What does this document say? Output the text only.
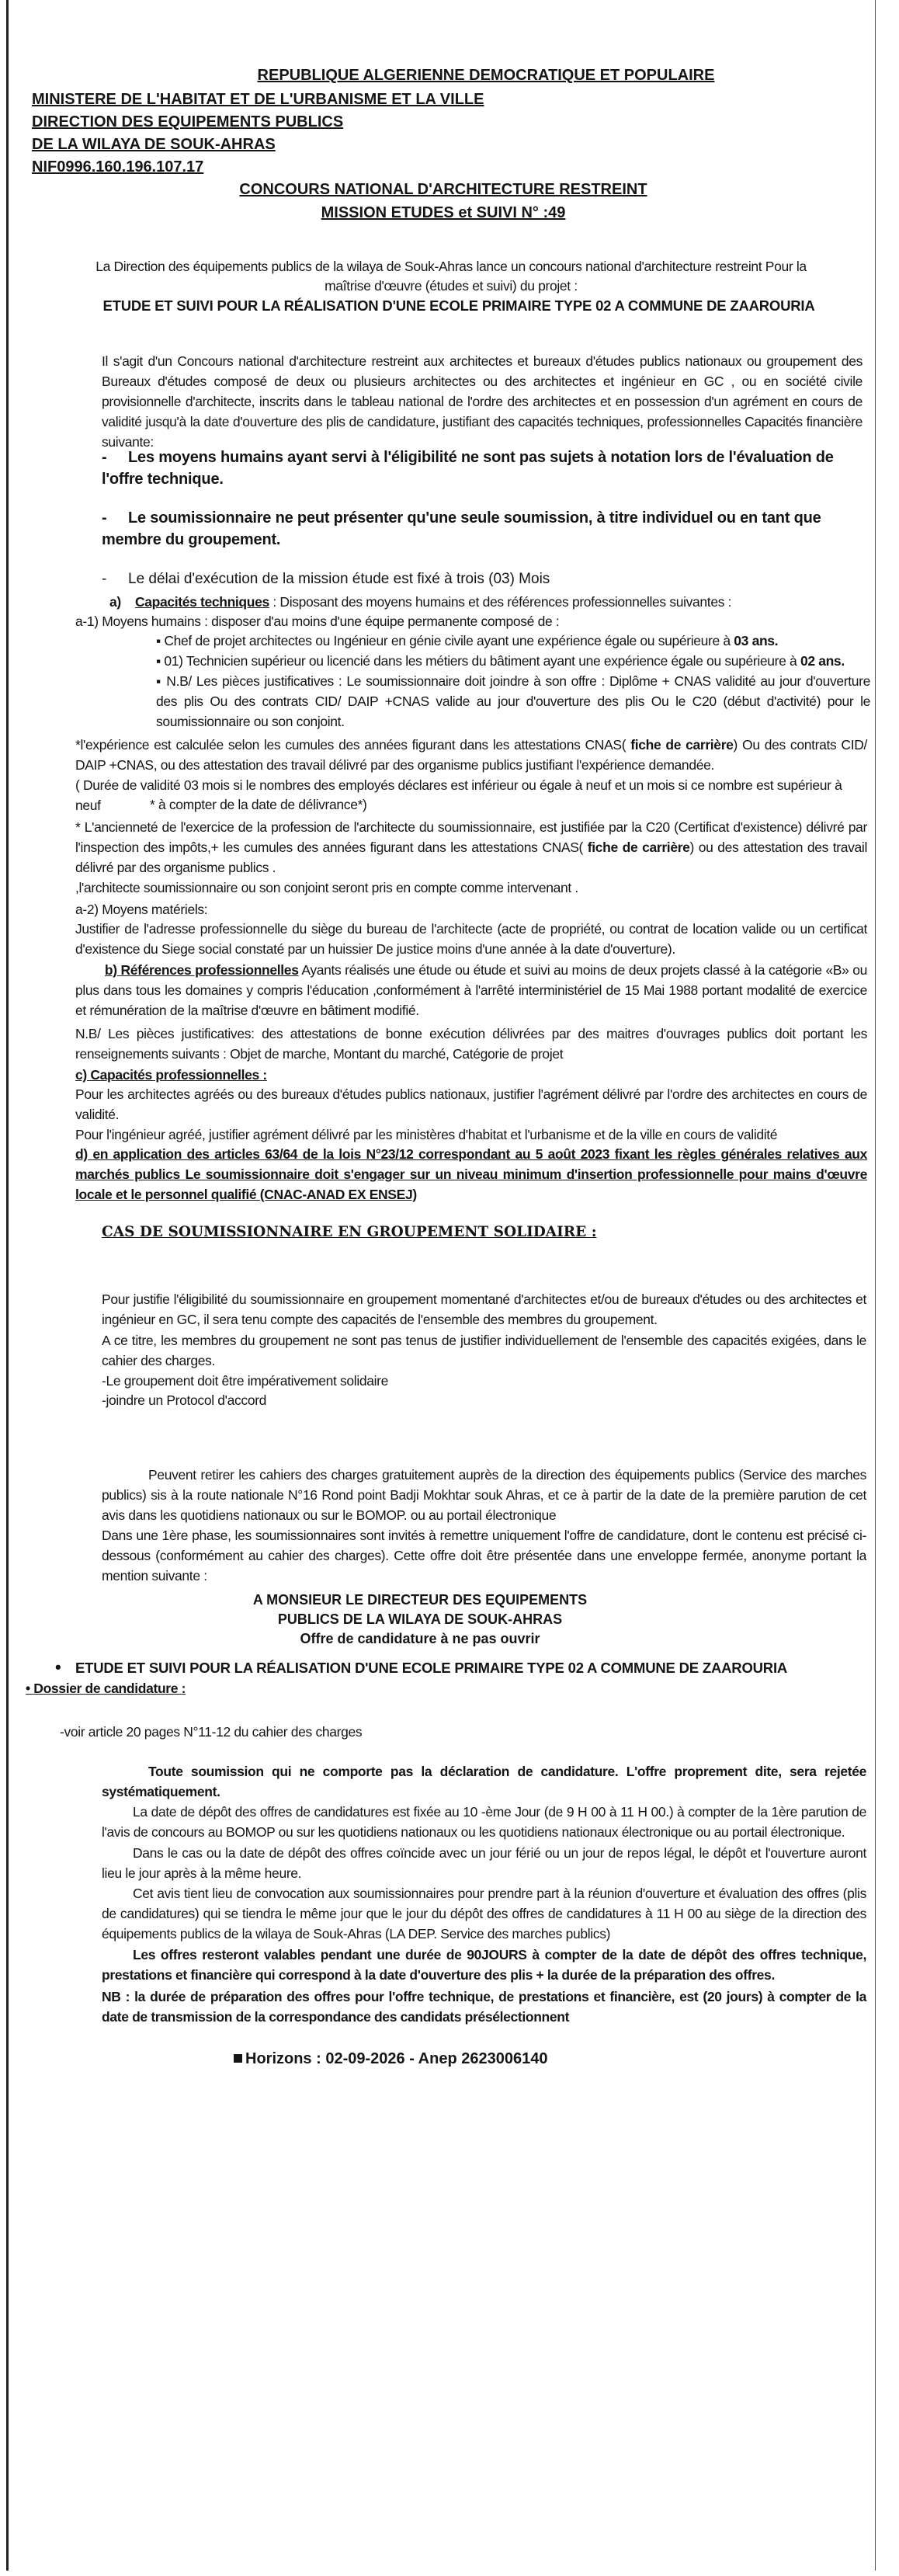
REPUBLIQUE ALGERIENNE DEMOCRATIQUE ET POPULAIRE
MINISTERE DE L'HABITAT ET DE L'URBANISME ET LA VILLE
DIRECTION DES EQUIPEMENTS PUBLICS
DE LA WILAYA DE SOUK-AHRAS
NIF0996.160.196.107.17
CONCOURS NATIONAL D'ARCHITECTURE RESTREINT
MISSION ETUDES et SUIVI N° :49
La Direction des équipements publics de la wilaya de Souk-Ahras lance un concours national d'architecture restreint Pour la
maîtrise d'œuvre (études et suivi) du projet :
ETUDE ET SUIVI POUR LA RÉALISATION D'UNE ECOLE PRIMAIRE TYPE 02 A COMMUNE DE ZAAROURIA
Il s'agit d'un Concours national d'architecture restreint aux architectes et bureaux d'études publics nationaux ou groupement des Bureaux d'études composé de deux ou plusieurs architectes ou des architectes et ingénieur en GC , ou en société civile provisionnelle d'architecte, inscrits dans le tableau national de l'ordre des architectes et en possession d'un agrément en cours de validité jusqu'à la date d'ouverture des plis de candidature, justifiant des capacités techniques, professionnelles Capacités financière suivante:
- Les moyens humains ayant servi à l'éligibilité ne sont pas sujets à notation lors de l'évaluation de l'offre technique.
- Le soumissionnaire ne peut présenter qu'une seule soumission, à titre individuel ou en tant que membre du groupement.
- Le délai d'exécution de la mission étude est fixé à trois (03) Mois
a) Capacités techniques : Disposant des moyens humains et des références professionnelles suivantes :
a-1) Moyens humains : disposer d'au moins d'une équipe permanente composé de :
▪ Chef de projet architectes ou Ingénieur en génie civile ayant une expérience égale ou supérieure à 03 ans.
▪ 01) Technicien supérieur ou licencié dans les métiers du bâtiment ayant une expérience égale ou supérieure à 02 ans.
▪ N.B/ Les pièces justificatives : Le soumissionnaire doit joindre à son offre : Diplôme + CNAS validité au jour d'ouverture des plis Ou des contrats CID/ DAIP +CNAS valide au jour d'ouverture des plis Ou le C20 (début d'activité) pour le soumissionnaire ou son conjoint.
*l'expérience est calculée selon les cumules des années figurant dans les attestations CNAS( fiche de carrière) Ou des contrats CID/ DAIP +CNAS, ou des attestation des travail délivré par des organisme publics justifiant l'expérience demandée.
( Durée de validité 03 mois si le nombres des employés déclares est inférieur ou égale à neuf et un mois si ce nombre est supérieur à neuf	* à compter de la date de délivrance*)
* L'ancienneté de l'exercice de la profession de l'architecte du soumissionnaire, est justifiée par la C20 (Certificat d'existence) délivré par l'inspection des impôts,+ les cumules des années figurant dans les attestations CNAS( fiche de carrière) ou des attestation des travail délivré par des organisme publics .
,l'architecte soumissionnaire ou son conjoint seront pris en compte comme intervenant .
a-2) Moyens matériels:
Justifier de l'adresse professionnelle du siège du bureau de l'architecte (acte de propriété, ou contrat de location valide ou un certificat d'existence du Siege social constaté par un huissier De justice moins d'une année à la date d'ouverture).
b) Références professionnelles Ayants réalisés une étude ou étude et suivi au moins de deux projets classé à la catégorie «B» ou plus dans tous les domaines y compris l'éducation ,conformément à l'arrêté interministériel de 15 Mai 1988 portant modalité de exercice et rémunération de la maîtrise d'œuvre en bâtiment modifié.
N.B/ Les pièces justificatives: des attestations de bonne exécution délivrées par des maitres d'ouvrages publics doit portant les renseignements suivants : Objet de marche, Montant du marché, Catégorie de projet
c) Capacités professionnelles :
Pour les architectes agréés ou des bureaux d'études publics nationaux, justifier l'agrément délivré par l'ordre des architectes en cours de validité.
Pour l'ingénieur agréé, justifier agrément délivré par les ministères d'habitat et l'urbanisme et de la ville en cours de validité
d) en application des articles 63/64 de la lois N°23/12 correspondant au 5 août 2023 fixant les règles générales relatives aux marchés publics Le soumissionnaire doit s'engager sur un niveau minimum d'insertion professionnelle pour mains d'œuvre locale et le personnel qualifié (CNAC-ANAD EX ENSEJ)
CAS DE SOUMISSIONNAIRE EN GROUPEMENT SOLIDAIRE :
Pour justifie l'éligibilité du soumissionnaire en groupement momentané d'architectes et/ou de bureaux d'études ou des architectes et ingénieur en GC, il sera tenu compte des capacités de l'ensemble des membres du groupement.
A ce titre, les membres du groupement ne sont pas tenus de justifier individuellement de l'ensemble des capacités exigées, dans le cahier des charges.
-Le groupement doit être impérativement solidaire
-joindre un Protocol d'accord
Peuvent retirer les cahiers des charges gratuitement auprès de la direction des équipements publics (Service des marches publics) sis à la route nationale N°16 Rond point Badji Mokhtar souk Ahras, et ce à partir de la date de la première parution de cet avis dans les quotidiens nationaux ou sur le BOMOP. ou au portail électronique
Dans une 1ère phase, les soumissionnaires sont invités à remettre uniquement l'offre de candidature, dont le contenu est précisé ci-dessous (conformément au cahier des charges). Cette offre doit être présentée dans une enveloppe fermée, anonyme portant la mention suivante :
A MONSIEUR LE DIRECTEUR DES EQUIPEMENTS
PUBLICS DE LA WILAYA DE SOUK-AHRAS
Offre de candidature à ne pas ouvrir
• ETUDE ET SUIVI POUR LA RÉALISATION D'UNE ECOLE PRIMAIRE TYPE 02 A COMMUNE DE ZAAROURIA
• Dossier de candidature :
-voir article 20 pages N°11-12 du cahier des charges
Toute soumission qui ne comporte pas la déclaration de candidature. L'offre proprement dite, sera rejetée systématiquement.
La date de dépôt des offres de candidatures est fixée au 10 -ème Jour (de 9 H 00 à 11 H 00.) à compter de la 1ère parution de l'avis de concours au BOMOP ou sur les quotidiens nationaux ou les quotidiens nationaux électronique ou au portail électronique.
Dans le cas ou la date de dépôt des offres coïncide avec un jour férié ou un jour de repos légal, le dépôt et l'ouverture auront lieu le jour après à la même heure.
Cet avis tient lieu de convocation aux soumissionnaires pour prendre part à la réunion d'ouverture et évaluation des offres (plis de candidatures) qui se tiendra le même jour que le jour du dépôt des offres de candidatures à 11 H 00 au siège de la direction des équipements publics de la wilaya de Souk-Ahras (LA DEP. Service des marches publics)
Les offres resteront valables pendant une durée de 90JOURS à compter de la date de dépôt des offres technique, prestations et financière qui correspond à la date d'ouverture des plis + la durée de la préparation des offres.
NB : la durée de préparation des offres pour l'offre technique, de prestations et financière, est (20 jours) à compter de la date de transmission de la correspondance des candidats présélectionnent
Horizons : 02-09-2026 - Anep 2623006140
